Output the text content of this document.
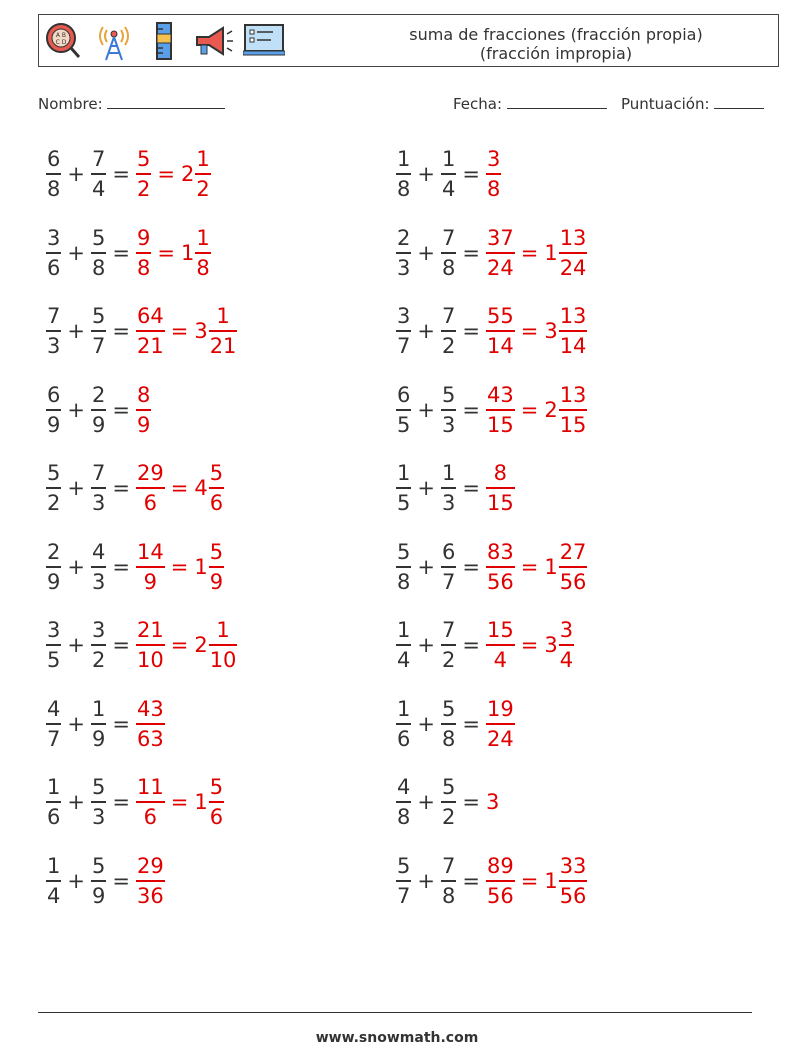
A B
C D	suma de fracciones (fracción propia)
(fracción impropia)
Nombre:	Fecha:	Puntuación:
$\frac{6}{8} + \frac{7}{4} = \frac{5}{2} = 2 \frac{1}{2}$	$\frac{1}{8} + \frac{1}{4} = \frac{3}{8}$
$\frac{3}{6} + \frac{5}{8} = \frac{9}{8} = 1 \frac{1}{8}$	$\frac{2}{3} + \frac{7}{8} = \frac{37}{24} = 1 \frac{13}{24}$
$\frac{7}{3} + \frac{5}{7} = \frac{64}{21} = 3 \frac{1}{21}$	$\frac{3}{7} + \frac{7}{2} = \frac{55}{14} = 3 \frac{13}{14}$
$\frac{6}{9} + \frac{2}{9} = \frac{8}{9}$	$\frac{6}{5} + \frac{5}{3} = \frac{43}{15} = 2 \frac{13}{15}$
$\frac{5}{2} + \frac{7}{3} = \frac{29}{6} = 4 \frac{5}{6}$	$\frac{1}{5} + \frac{1}{3} = \frac{8}{15}$
$\frac{2}{9} + \frac{4}{3} = \frac{14}{9} = 1 \frac{5}{9}$	$\frac{5}{8} + \frac{6}{7} = \frac{83}{56} = 1 \frac{27}{56}$
$\frac{3}{5} + \frac{3}{2} = \frac{21}{10} = 2 \frac{1}{10}$	$\frac{1}{4} + \frac{7}{2} = \frac{15}{4} = 3 \frac{3}{4}$
$\frac{4}{7} + \frac{1}{9} = \frac{43}{63}$	$\frac{1}{6} + \frac{5}{8} = \frac{19}{24}$
$\frac{1}{6} + \frac{5}{3} = \frac{11}{6} = 1 \frac{5}{6}$	$\frac{4}{8} + \frac{5}{2} = 3$
$\frac{1}{4} + \frac{5}{9} = \frac{29}{36}$	$\frac{5}{7} + \frac{7}{8} = \frac{89}{56} = 1 \frac{33}{56}$
www.snowmath.com
